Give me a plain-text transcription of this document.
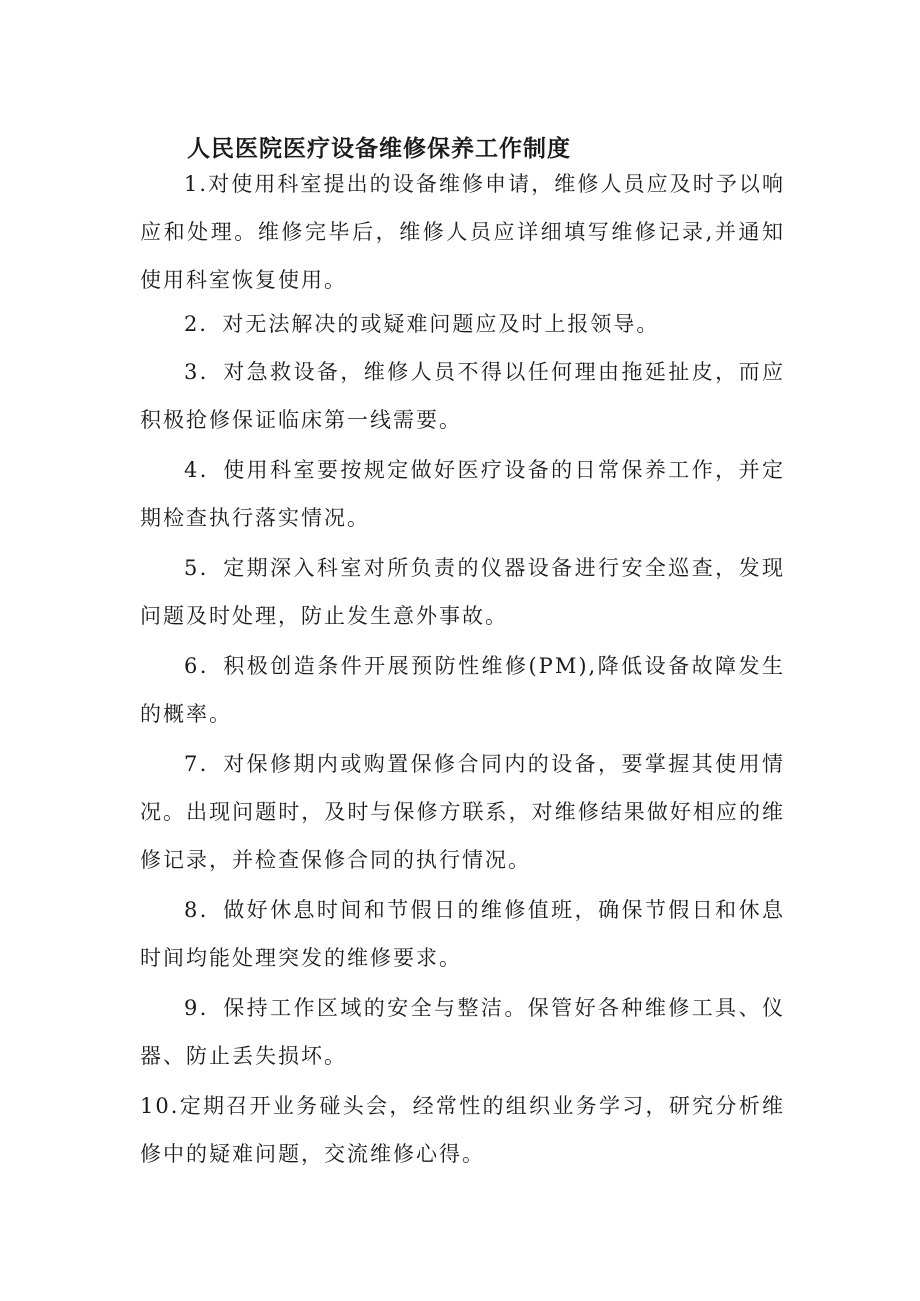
人民医院医疗设备维修保养工作制度

1.对使用科室提出的设备维修申请，维修人员应及时予以响应和处理。维修完毕后，维修人员应详细填写维修记录,并通知使用科室恢复使用。

2．对无法解决的或疑难问题应及时上报领导。

3．对急救设备，维修人员不得以任何理由拖延扯皮，而应积极抢修保证临床第一线需要。

4．使用科室要按规定做好医疗设备的日常保养工作，并定期检查执行落实情况。

5．定期深入科室对所负责的仪器设备进行安全巡查，发现问题及时处理，防止发生意外事故。

6．积极创造条件开展预防性维修(PM),降低设备故障发生的概率。

7．对保修期内或购置保修合同内的设备，要掌握其使用情况。出现问题时，及时与保修方联系，对维修结果做好相应的维修记录，并检查保修合同的执行情况。

8．做好休息时间和节假日的维修值班，确保节假日和休息时间均能处理突发的维修要求。

9．保持工作区域的安全与整洁。保管好各种维修工具、仪器、防止丢失损坏。

10.定期召开业务碰头会，经常性的组织业务学习，研究分析维修中的疑难问题，交流维修心得。
